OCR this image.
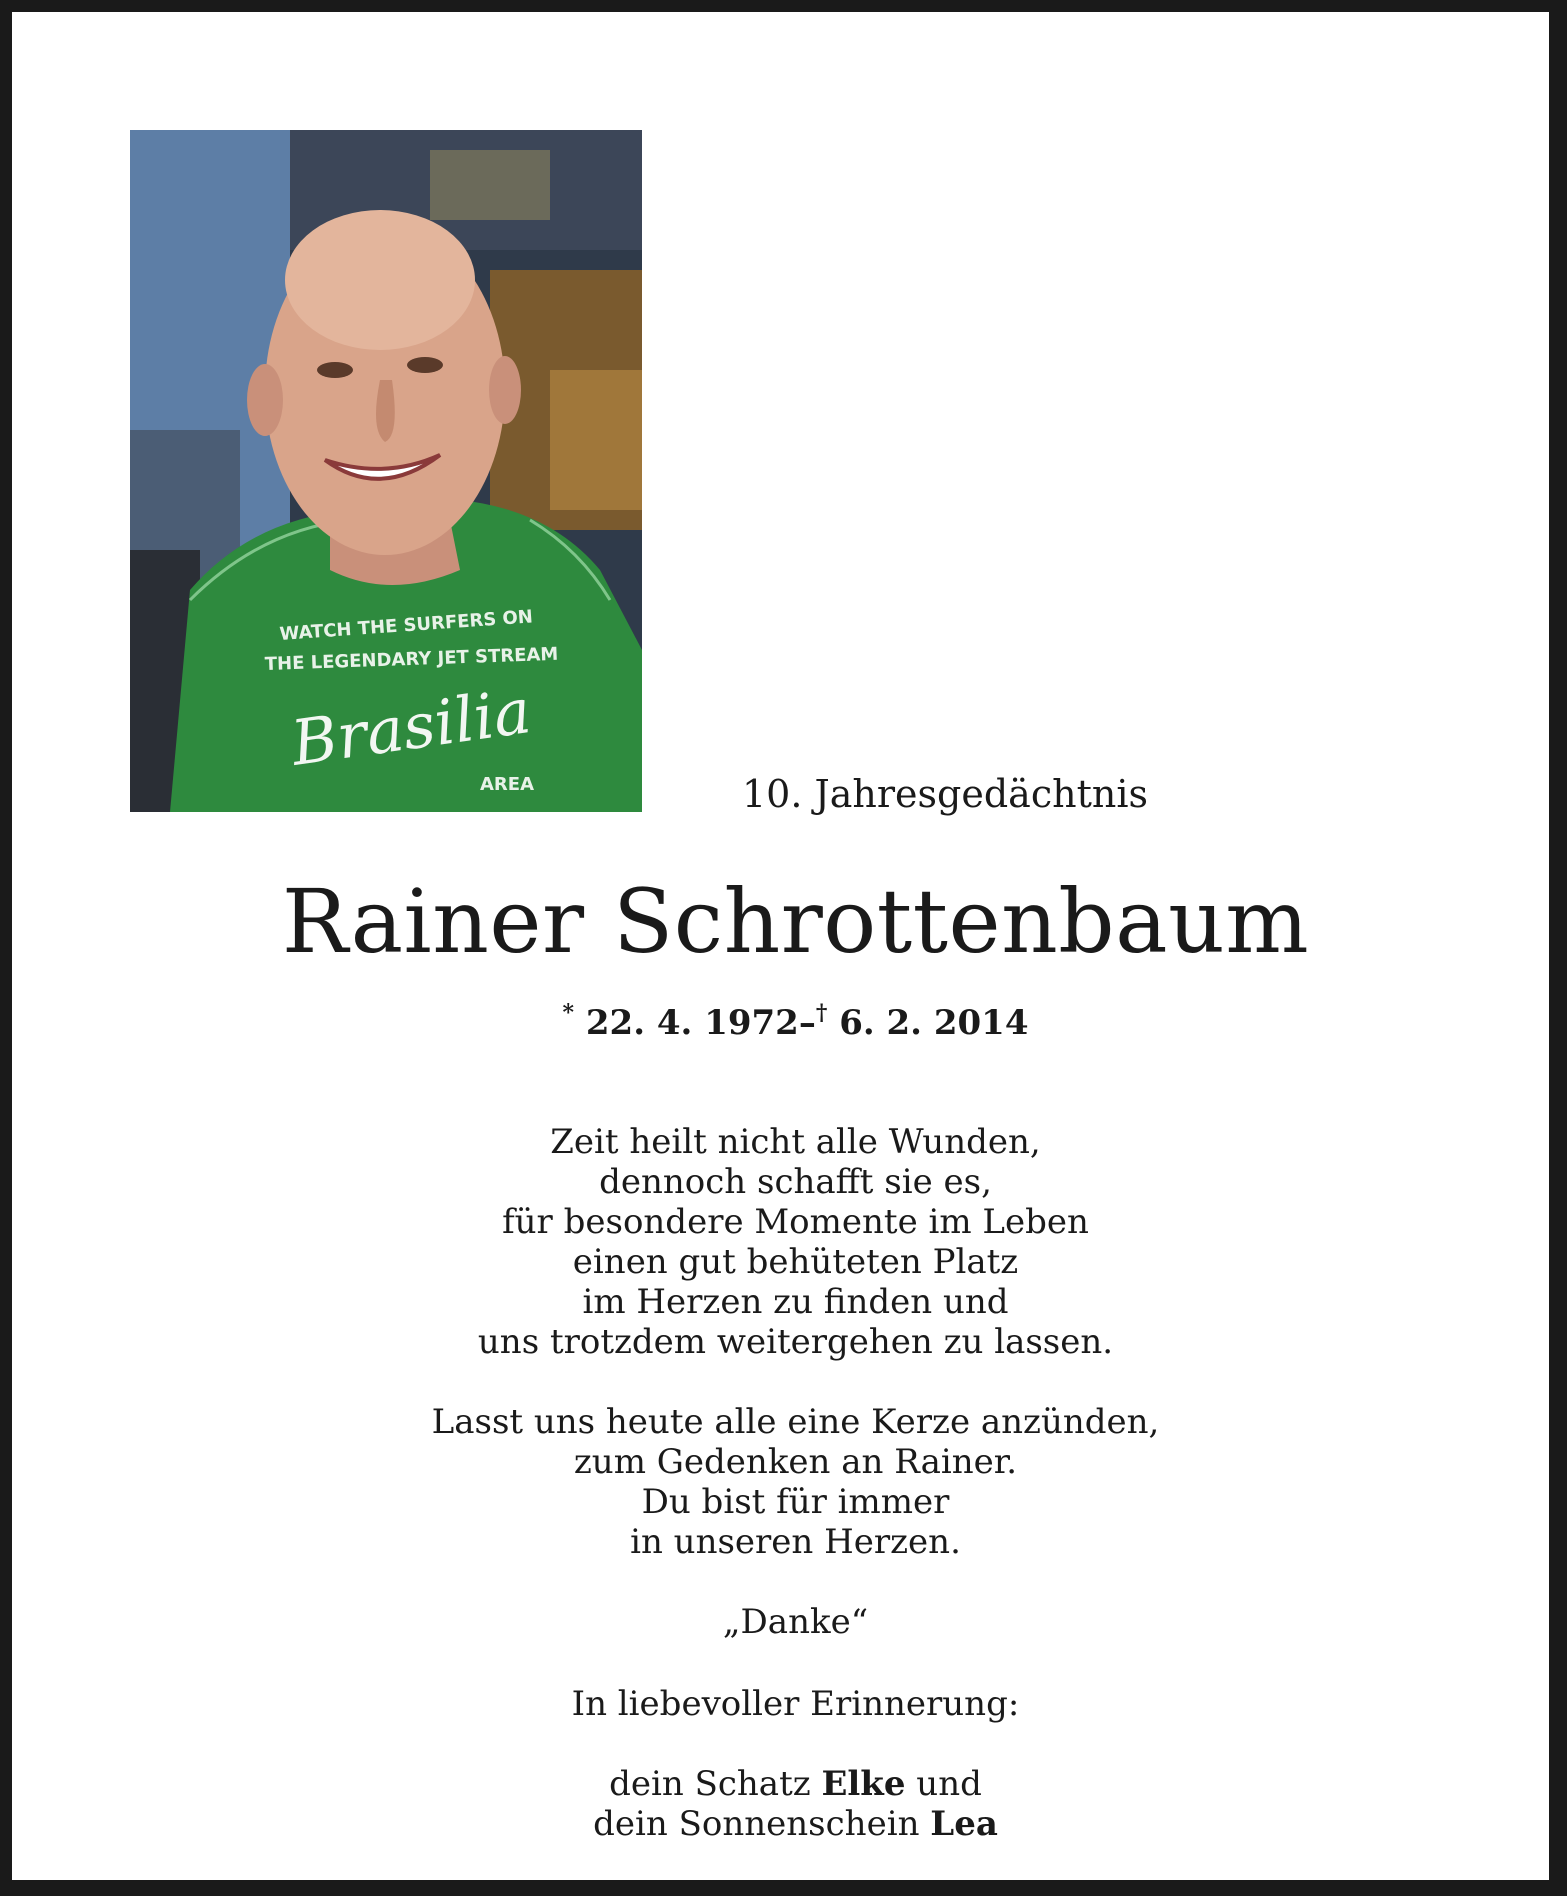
WATCH THE SURFERS ON
THE LEGENDARY JET STREAM
Brasilia
AREA	10. Jahresgedächtnis
Rainer Schrottenbaum
* 22. 4. 1972–† 6. 2. 2014
Zeit heilt nicht alle Wunden,
dennoch schafft sie es,
für besondere Momente im Leben
einen gut behüteten Platz
im Herzen zu finden und
uns trotzdem weitergehen zu lassen.
Lasst uns heute alle eine Kerze anzünden,
zum Gedenken an Rainer.
Du bist für immer
in unseren Herzen.
„Danke“
In liebevoller Erinnerung:
dein Schatz Elke und
dein Sonnenschein Lea
